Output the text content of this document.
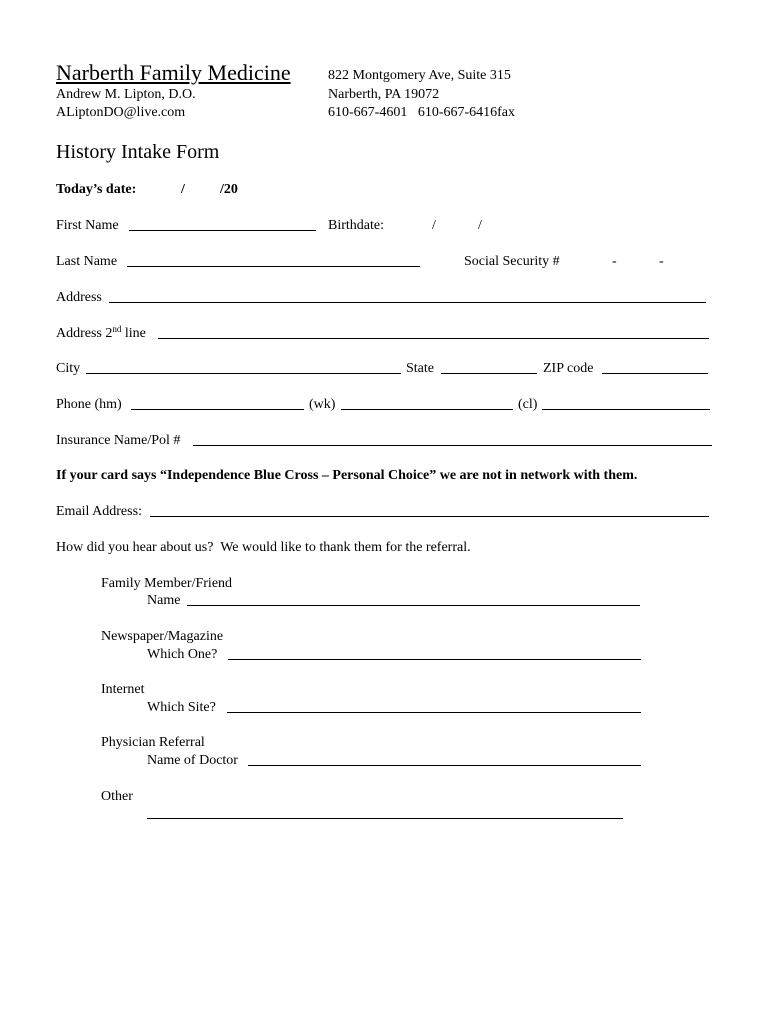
Narberth Family Medicine
Andrew M. Lipton, D.O.
ALiptonDO@live.com
822 Montgomery Ave, Suite 315
Narberth, PA 19072
610-667-4601   610-667-6416fax
History Intake Form
Today’s date:	/	/20
First Name	Birthdate:	/	/
Last Name	Social Security #	-	-
Address
Address 2nd line
City	State	ZIP code
Phone (hm)	(wk)	(cl)
Insurance Name/Pol #
If your card says “Independence Blue Cross – Personal Choice” we are not in network with them.
Email Address:
How did you hear about us?  We would like to thank them for the referral.
Family Member/Friend
Name
Newspaper/Magazine
Which One?
Internet
Which Site?
Physician Referral
Name of Doctor
Other
